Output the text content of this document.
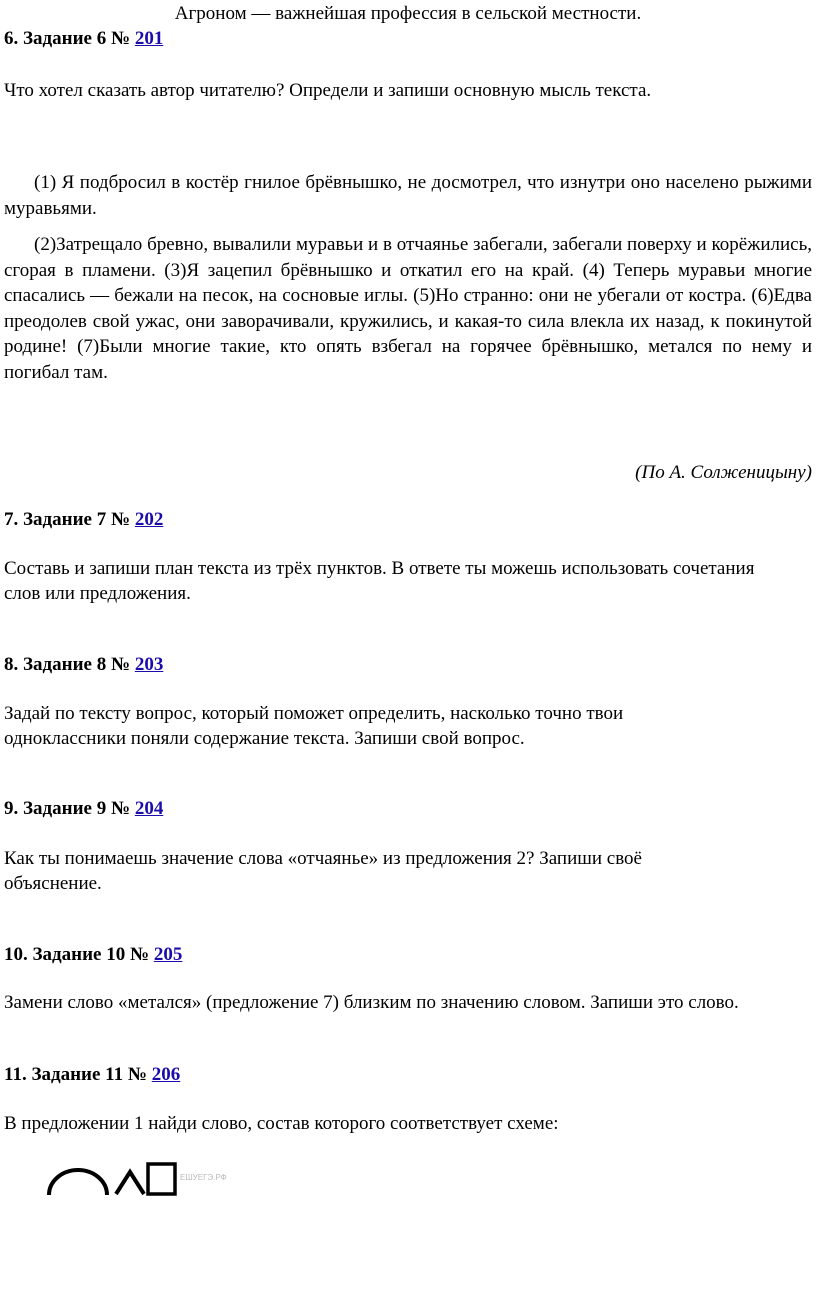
Агроном — важнейшая профессия в сельской местности.
6. Задание 6 № 201
Что хотел сказать автор читателю? Определи и запиши основную мысль текста.

(1) Я подбросил в костёр гнилое брёвнышко, не досмотрел, что изнутри оно населено рыжими муравьями.

(2)Затрещало бревно, вывалили муравьи и в отчаянье забегали, забегали поверху и корёжились, сгорая в пламени. (3)Я зацепил брёвнышко и откатил его на край. (4) Теперь муравьи многие спасались — бежали на песок, на сосновые иглы. (5)Но странно: они не убегали от костра. (6)Едва преодолев свой ужас, они заворачивали, кружились, и какая-то сила влекла их назад, к покинутой родине! (7)Были многие такие, кто опять взбегал на горячее брёвнышко, метался по нему и погибал там.

(По А. Солженицыну)
7. Задание 7 № 202
Составь и запиши план текста из трёх пунктов. В ответе ты можешь использовать сочетания слов или предложения.
8. Задание 8 № 203
Задай по тексту вопрос, который поможет определить, насколько точно твои одноклассники поняли содержание текста. Запиши свой вопрос.
9. Задание 9 № 204
Как ты понимаешь значение слова «отчаянье» из предложения 2? Запиши своё объяснение.
10. Задание 10 № 205
Замени слово «метался» (предложение 7) близким по значению словом. Запиши это слово.
11. Задание 11 № 206
В предложении 1 найди слово, состав которого соответствует схеме:
ЕШУЕГЭ.РФ
